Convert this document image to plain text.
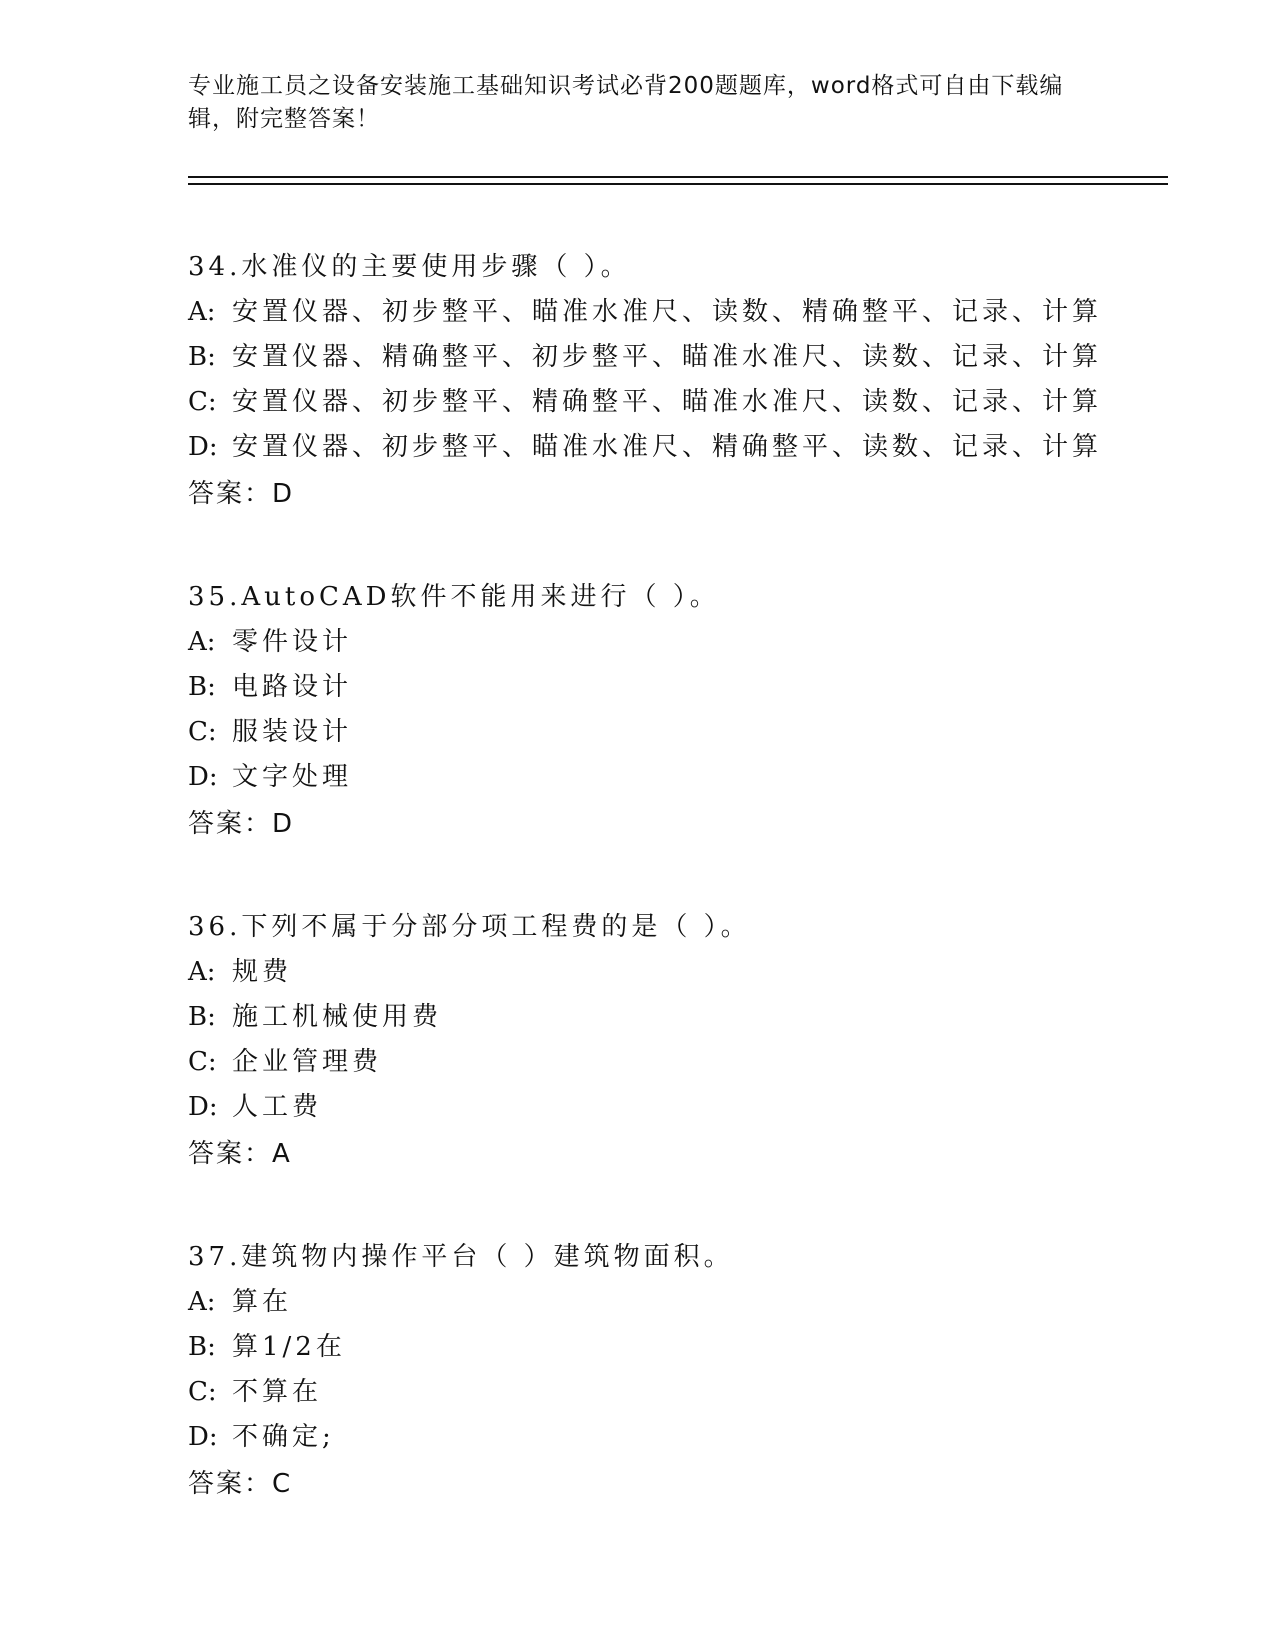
专业施工员之设备安装施工基础知识考试必背200题题库，word格式可自由下载编辑，附完整答案！

34.水准仪的主要使用步骤（ ）。
A: 安置仪器、初步整平、瞄准水准尺、读数、精确整平、记录、计算
B: 安置仪器、精确整平、初步整平、瞄准水准尺、读数、记录、计算
C: 安置仪器、初步整平、精确整平、瞄准水准尺、读数、记录、计算
D: 安置仪器、初步整平、瞄准水准尺、精确整平、读数、记录、计算
答案：D
35.AutoCAD软件不能用来进行（ ）。
A: 零件设计
B: 电路设计
C: 服装设计
D: 文字处理
答案：D
36.下列不属于分部分项工程费的是（ ）。
A: 规费
B: 施工机械使用费
C: 企业管理费
D: 人工费
答案：A
37.建筑物内操作平台（ ）建筑物面积。
A: 算在
B: 算1/2在
C: 不算在
D: 不确定;
答案：C
